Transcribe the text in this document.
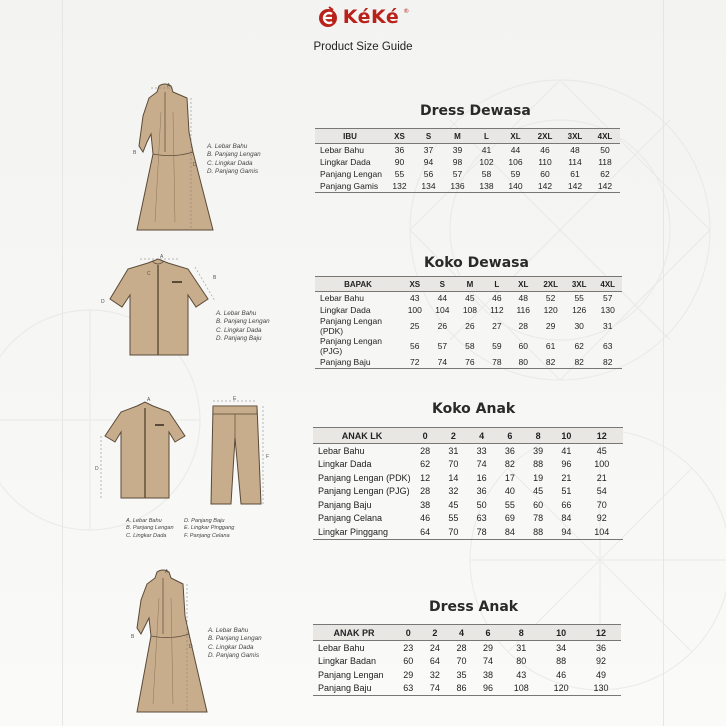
KéKé ®
Product Size Guide
B
D
A
A. Lebar Bahu
B. Panjang Lengan
C. Lingkar Dada
D. Panjang Gamis
Dress Dewasa
IBU	XS	S	M	L	XL	2XL	3XL	4XL
Lebar Bahu	36	37	39	41	44	46	48	50
Lingkar Dada	90	94	98	102	106	110	114	118
Panjang Lengan	55	56	57	58	59	60	61	62
Panjang Gamis	132	134	136	138	140	142	142	142
A
B
C
D
A. Lebar Bahu
B. Panjang Lengan
C. Lingkar Dada
D. Panjang Baju
Koko Dewasa
BAPAK	XS	S	M	L	XL	2XL	3XL	4XL
Lebar Bahu	43	44	45	46	48	52	55	57
Lingkar Dada	100	104	108	112	116	120	126	130
Panjang Lengan (PDK)	25	26	26	27	28	29	30	31
Panjang Lengan (PJG)	56	57	58	59	60	61	62	63
Panjang Baju	72	74	76	78	80	82	82	82
D
A	E
F
A. Lebar Bahu
B. Panjang Lengan
C. Lingkar Dada
D. Panjang Baju
E. Lingkar Pinggang
F. Panjang Celana
Koko Anak
ANAK LK	0	2	4	6	8	10	12
Lebar Bahu	28	31	33	36	39	41	45
Lingkar Dada	62	70	74	82	88	96	100
Panjang Lengan (PDK)	12	14	16	17	19	21	21
Panjang Lengan (PJG)	28	32	36	40	45	51	54
Panjang Baju	38	45	50	55	60	66	70
Panjang Celana	46	55	63	69	78	84	92
Lingkar Pinggang	64	70	78	84	88	94	104
B
D
A
A. Lebar Bahu
B. Panjang Lengan
C. Lingkar Dada
D. Panjang Gamis
Dress Anak
ANAK PR	0	2	4	6	8	10	12
Lebar Bahu	23	24	28	29	31	34	36
Lingkar Badan	60	64	70	74	80	88	92
Panjang Lengan	29	32	35	38	43	46	49
Panjang Baju	63	74	86	96	108	120	130
